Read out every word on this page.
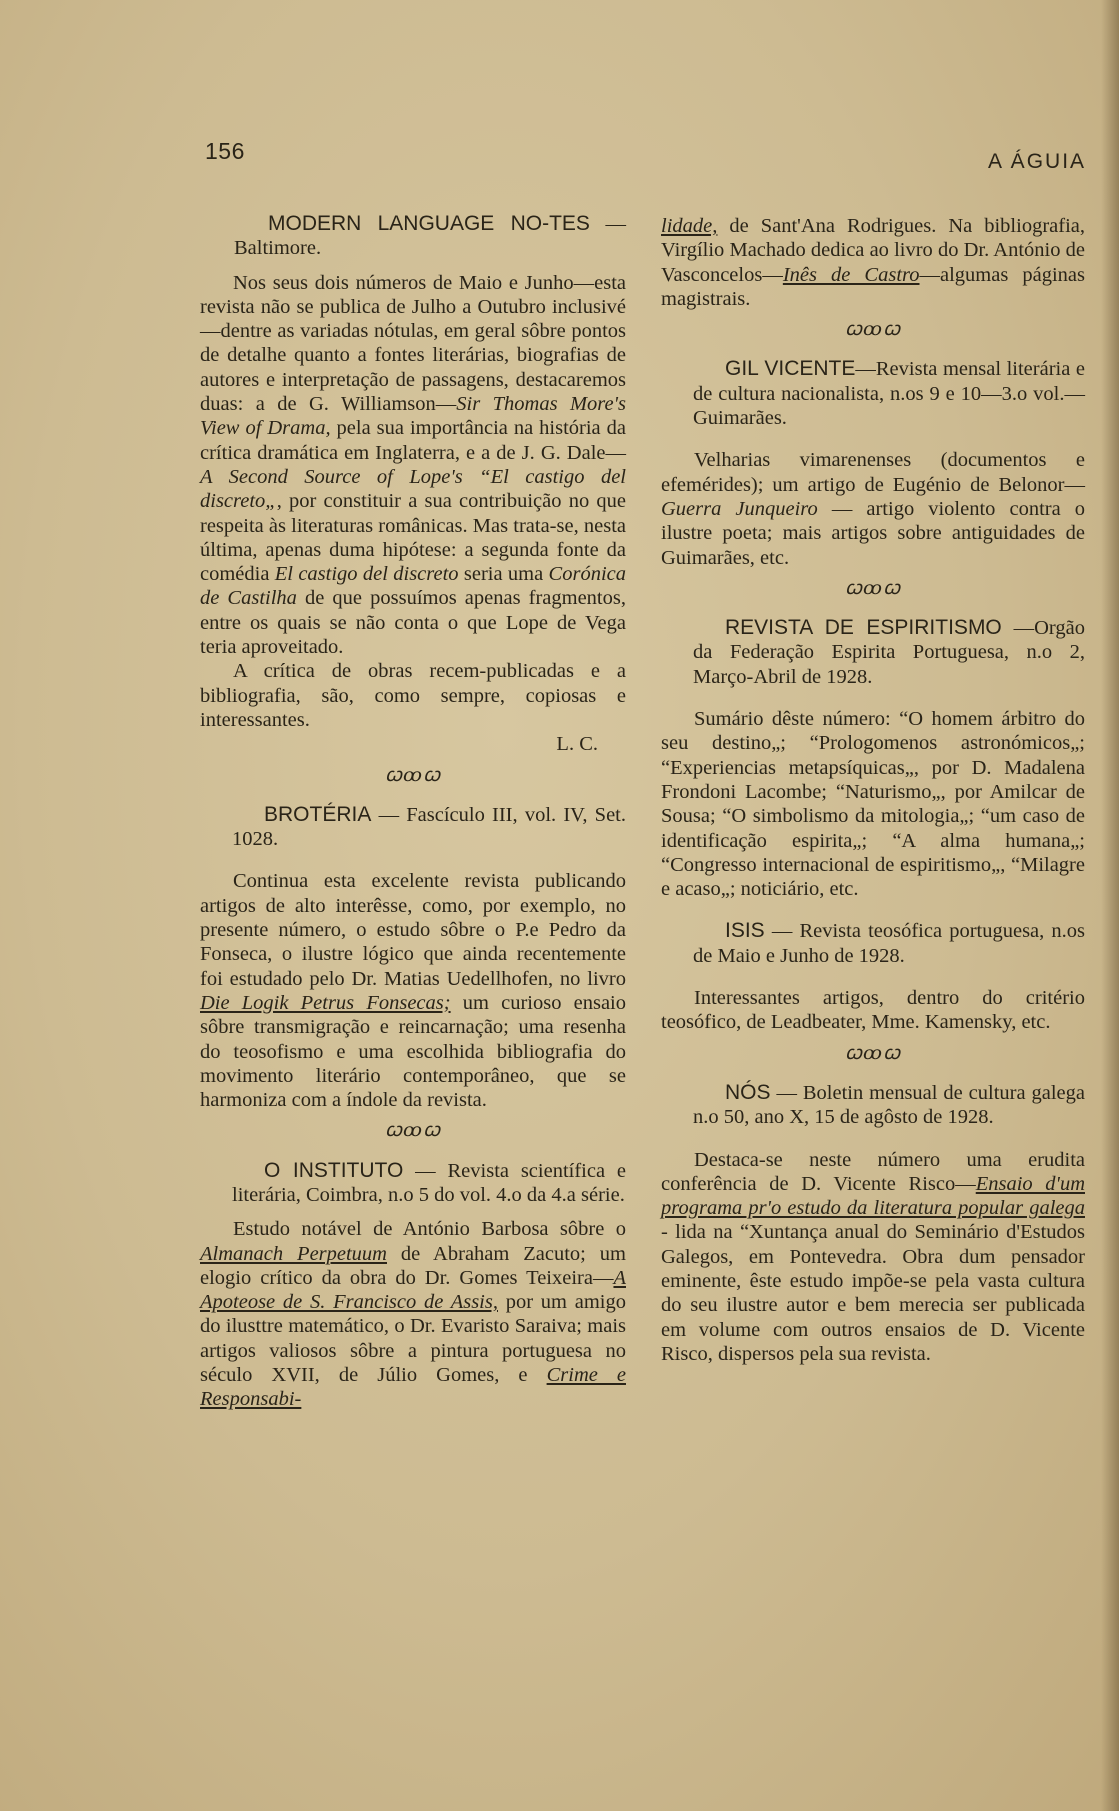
156	A ÁGUIA

MODERN LANGUAGE NO-TES — Baltimore.

Nos seus dois números de Maio e Junho—esta revista não se publica de Julho a Outubro inclusivé—dentre as variadas nótulas, em geral sôbre pontos de detalhe quanto a fontes literárias, biografias de autores e interpretação de passagens, destacaremos duas: a de G. Williamson—Sir Thomas More's View of Drama, pela sua importância na história da crítica dramática em Inglaterra, e a de J. G. Dale—A Second Source of Lope's “El castigo del discreto„, por constituir a sua contribuição no que respeita às literaturas românicas. Mas trata-se, nesta última, apenas duma hipótese: a segunda fonte da comédia El castigo del discreto seria uma Corónica de Castilha de que possuímos apenas fragmentos, entre os quais se não conta o que Lope de Vega teria aproveitado.

A crítica de obras recem-publicadas e a bibliografia, são, como sempre, copiosas e interessantes.

L. C.

ꞷꝏꞷ

BROTÉRIA — Fascículo III, vol. IV, Set. 1028.

Continua esta excelente revista publicando artigos de alto interêsse, como, por exemplo, no presente número, o estudo sôbre o P.e Pedro da Fonseca, o ilustre lógico que ainda recentemente foi estudado pelo Dr. Matias Uedellhofen, no livro Die Logik Petrus Fonsecas; um curioso ensaio sôbre transmigração e reincarnação; uma resenha do teosofismo e uma escolhida bibliografia do movimento literário contemporâneo, que se harmoniza com a índole da revista.

ꞷꝏꞷ

O INSTITUTO — Revista scientífica e literária, Coimbra, n.o 5 do vol. 4.o da 4.a série.

Estudo notável de António Barbosa sôbre o Almanach Perpetuum de Abraham Zacuto; um elogio crítico da obra do Dr. Gomes Teixeira—A Apoteose de S. Francisco de Assis, por um amigo do ilusttre matemático, o Dr. Evaristo Saraiva; mais artigos valiosos sôbre a pintura portuguesa no século XVII, de Júlio Gomes, e Crime e Responsabi-

lidade, de Sant'Ana Rodrigues. Na bibliografia, Virgílio Machado dedica ao livro do Dr. António de Vasconcelos—Inês de Castro—algumas páginas magistrais.

ꞷꝏꞷ

GIL VICENTE—Revista mensal literária e de cultura nacionalista, n.os 9 e 10—3.o vol.—Guimarães.

Velharias vimarenenses (documentos e efemérides); um artigo de Eugénio de Belonor—Guerra Junqueiro — artigo violento contra o ilustre poeta; mais artigos sobre antiguidades de Guimarães, etc.

ꞷꝏꞷ

REVISTA DE ESPIRITISMO —Orgão da Federação Espirita Portuguesa, n.o 2, Março-Abril de 1928.

Sumário dêste número: “O homem árbitro do seu destino„; “Prologomenos astronómicos„; “Experiencias metapsíquicas„, por D. Madalena Frondoni Lacombe; “Naturismo„, por Amilcar de Sousa; “O simbolismo da mitologia„; “um caso de identificação espirita„; “A alma humana„; “Congresso internacional de espiritismo„, “Milagre e acaso„; noticiário, etc.

ISIS — Revista teosófica portuguesa, n.os de Maio e Junho de 1928.

Interessantes artigos, dentro do critério teosófico, de Leadbeater, Mme. Kamensky, etc.

ꞷꝏꞷ

NÓS — Boletin mensual de cultura galega n.o 50, ano X, 15 de agôsto de 1928.

Destaca-se neste número uma erudita conferência de D. Vicente Risco—Ensaio d'um programa pr'o estudo da literatura popular galega - lida na “Xuntança anual do Seminário d'Estudos Galegos, em Pontevedra. Obra dum pensador eminente, êste estudo impõe-se pela vasta cultura do seu ilustre autor e bem merecia ser publicada em volume com outros ensaios de D. Vicente Risco, dispersos pela sua revista.
